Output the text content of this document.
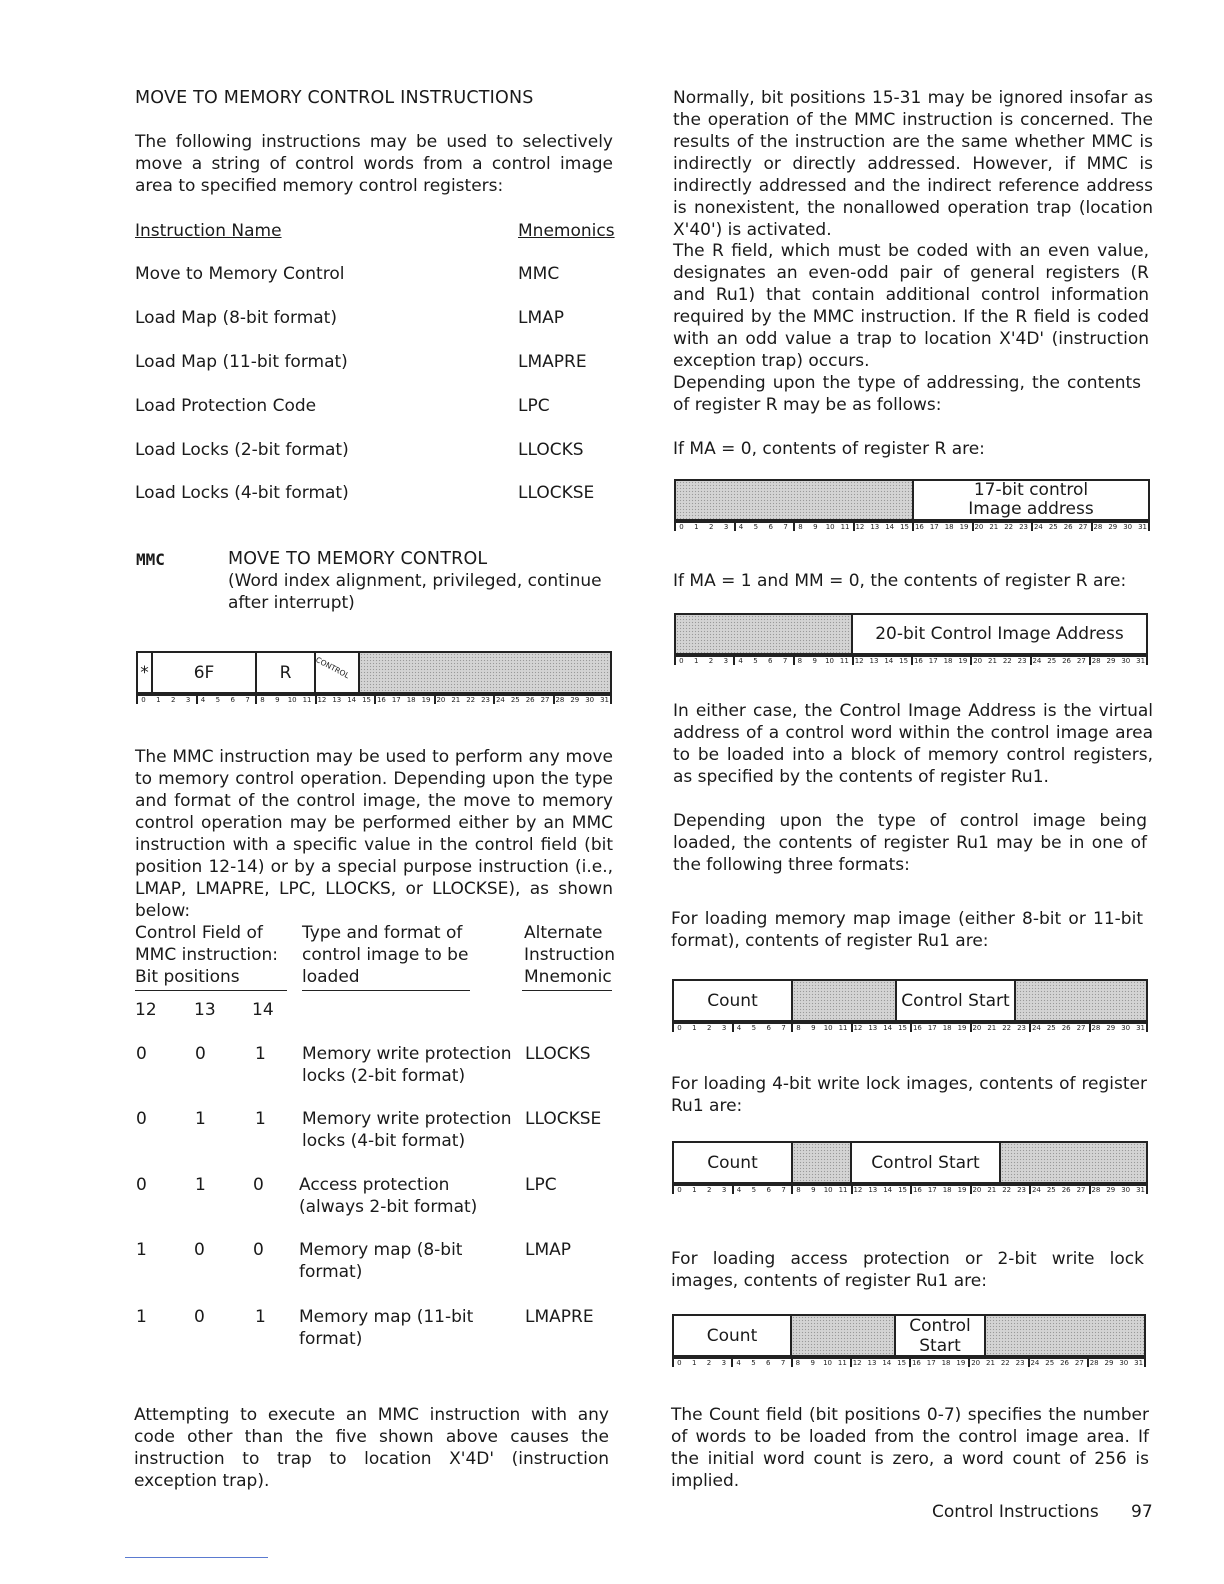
MOVE TO MEMORY CONTROL INSTRUCTIONS
The following instructions may be used to selectively move a string of control words from a control image area to specified memory control registers:
Instruction Name	Mnemonics
Move to Memory Control	MMC
Load Map (8-bit format)	LMAP
Load Map (11-bit format)	LMAPRE
Load Protection Code	LPC
Load Locks (2-bit format)	LLOCKS
Load Locks (4-bit format)	LLOCKSE
MMC	MOVE TO MEMORY CONTROL
(Word index alignment, privileged, continue
after interrupt)
*	6F	R	CONTROL
0	1	2	3	4	5	6	7	8	9	10 11 12 13 14 15 16 17 18 19 20 21 22 23 24 25 26 27 28 29 30 31
The MMC instruction may be used to perform any move to memory control operation. Depending upon the type and format of the control image, the move to memory control operation may be performed either by an MMC instruction with a specific value in the control field (bit position 12-14) or by a special purpose instruction (i.e., LMAP, LMAPRE, LPC, LLOCKS, or LLOCKSE), as shown below:
Control Field of
MMC instruction:
Bit positions
Type and format of
control image to be
loaded
Alternate
Instruction
Mnemonic
12 13 14
0	0	1 Memory write protection
locks (2-bit format)
LLOCKS
0	1	1 Memory write protection
locks (4-bit format)
LLOCKSE
0	1	0 Access protection
(always 2-bit format)
LPC
1	0	0 Memory map (8-bit
format)
LMAP
1	0	1 Memory map (11-bit
format)
LMAPRE
Attempting to execute an MMC instruction with any code other than the five shown above causes the instruction to trap to location X'4D' (instruction exception trap).
Normally, bit positions 15-31 may be ignored insofar as the operation of the MMC instruction is concerned. The results of the instruction are the same whether MMC is indirectly or directly addressed. However, if MMC is indirectly addressed and the indirect reference address is nonexistent, the nonallowed operation trap (location X'40') is activated.
The R field, which must be coded with an even value, designates an even-odd pair of general registers (R and Ru1) that contain additional control information required by the MMC instruction. If the R field is coded with an odd value a trap to location X'4D' (instruction exception trap) occurs.
Depending upon the type of addressing, the contents of register R may be as follows:
If MA = 0, contents of register R are:
17-bit control
Image address
0	1	2	3	4	5	6	7	8	9	10 11 12 13 14 15 16 17 18 19 20 21 22 23 24 25 26 27 28 29 30 31
If MA = 1 and MM = 0, the contents of register R are:
20-bit Control Image Address
0	1	2	3	4	5	6	7	8	9	10 11 12 13 14 15 16 17 18 19 20 21 22 23 24 25 26 27 28 29 30 31
In either case, the Control Image Address is the virtual address of a control word within the control image area to be loaded into a block of memory control registers, as specified by the contents of register Ru1.
Depending upon the type of control image being loaded, the contents of register Ru1 may be in one of the following three formats:
For loading memory map image (either 8-bit or 11-bit format), contents of register Ru1 are:
Count	Control Start
0	1	2	3	4	5	6	7	8	9	10 11 12 13 14 15 16 17 18 19 20 21 22 23 24 25 26 27 28 29 30 31
For loading 4-bit write lock images, contents of register Ru1 are:
Count	Control Start
0	1	2	3	4	5	6	7	8	9	10 11 12 13 14 15 16 17 18 19 20 21 22 23 24 25 26 27 28 29 30 31
For loading access protection or 2-bit write lock images, contents of register Ru1 are:
Count	Control
Start
0	1	2	3	4	5	6	7	8	9	10 11 12 13 14 15 16 17 18 19 20 21 22 23 24 25 26 27 28 29 30 31
The Count field (bit positions 0-7) specifies the number of words to be loaded from the control image area. If the initial word count is zero, a word count of 256 is implied.
Control Instructions 97
